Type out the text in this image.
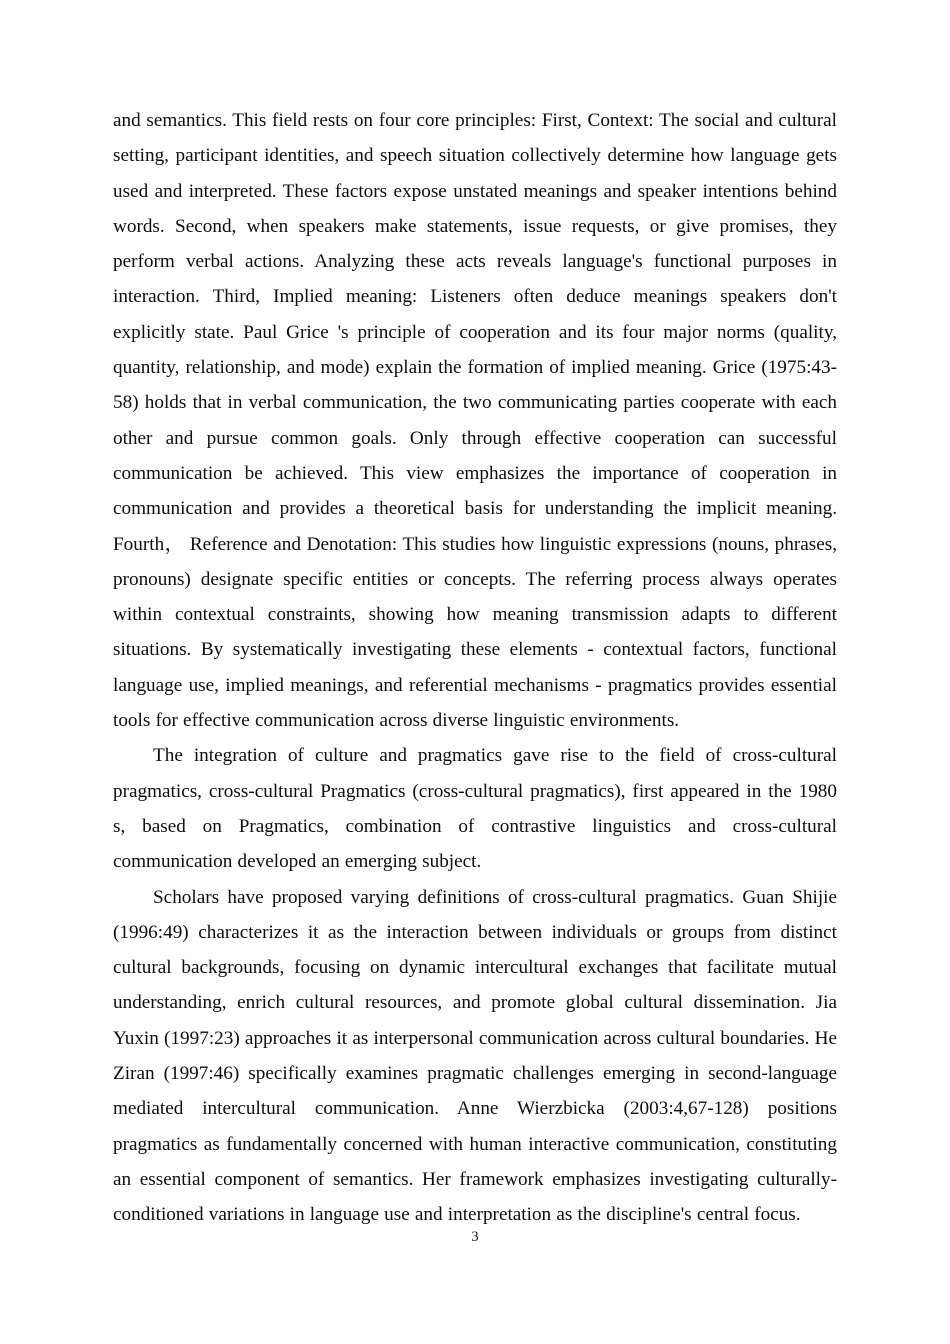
and semantics. This field rests on four core principles: First, Context: The social and cultural setting, participant identities, and speech situation collectively determine how language gets used and interpreted. These factors expose unstated meanings and speaker intentions behind words. Second, when speakers make statements, issue requests, or give promises, they perform verbal actions. Analyzing these acts reveals language's functional purposes in interaction. Third, Implied meaning: Listeners often deduce meanings speakers don't explicitly state. Paul Grice 's principle of cooperation and its four major norms (quality, quantity, relationship, and mode) explain the formation of implied meaning. Grice (1975:43-58) holds that in verbal communication, the two communicating parties cooperate with each other and pursue common goals. Only through effective cooperation can successful communication be achieved. This view emphasizes the importance of cooperation in communication and provides a theoretical basis for understanding the implicit meaning. Fourth， Reference and Denotation: This studies how linguistic expressions (nouns, phrases, pronouns) designate specific entities or concepts. The referring process always operates within contextual constraints, showing how meaning transmission adapts to different situations. By systematically investigating these elements - contextual factors, functional language use, implied meanings, and referential mechanisms - pragmatics provides essential tools for effective communication across diverse linguistic environments.

The integration of culture and pragmatics gave rise to the field of cross-cultural pragmatics, cross-cultural Pragmatics (cross-cultural pragmatics), first appeared in the 1980 s, based on Pragmatics, combination of contrastive linguistics and cross-cultural communication developed an emerging subject.

Scholars have proposed varying definitions of cross-cultural pragmatics. Guan Shijie (1996:49) characterizes it as the interaction between individuals or groups from distinct cultural backgrounds, focusing on dynamic intercultural exchanges that facilitate mutual understanding, enrich cultural resources, and promote global cultural dissemination. Jia Yuxin (1997:23) approaches it as interpersonal communication across cultural boundaries. He Ziran (1997:46) specifically examines pragmatic challenges emerging in second-language mediated intercultural communication. Anne Wierzbicka (2003:4,67-128) positions pragmatics as fundamentally concerned with human interactive communication, constituting an essential component of semantics. Her framework emphasizes investigating culturally-conditioned variations in language use and interpretation as the discipline's central focus.

3
